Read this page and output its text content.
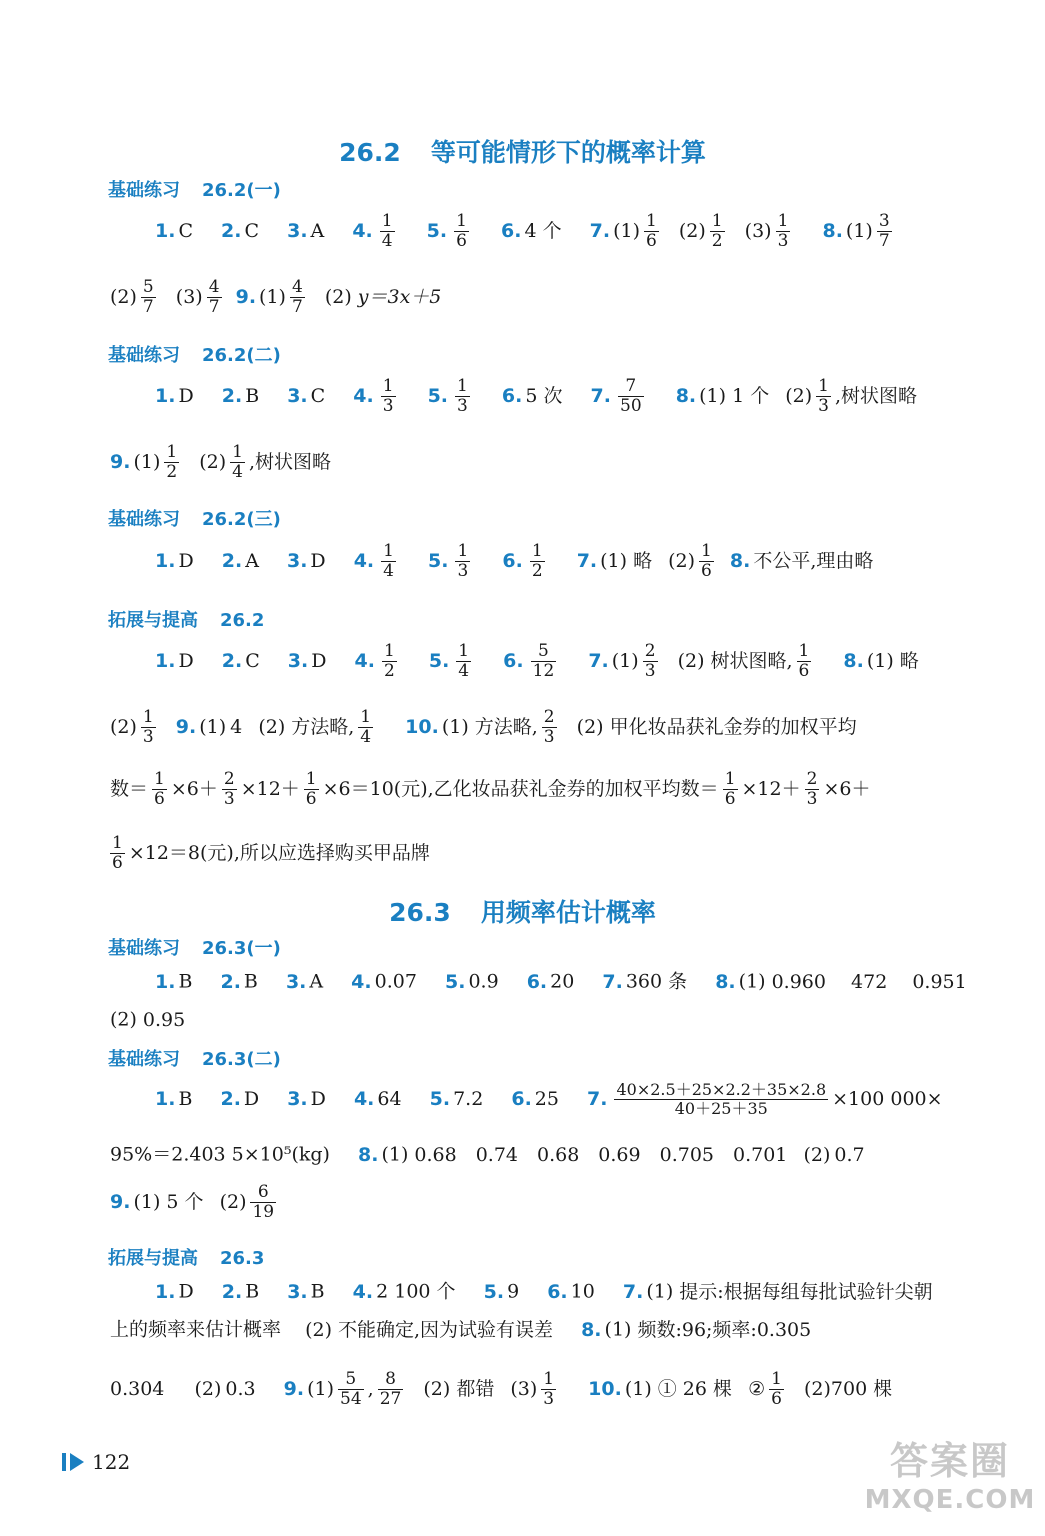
26.2 等可能情形下的概率计算
基础练习 26.2(一)
1. C 2. C 3. A 4. $\frac{1}{4} 5$. $\frac{1}{6} 6$. 4 个 7. $(1) \frac{1}{6} (2) \frac{1}{2} (3) \frac{1}{3} 8$. $(1) \frac{3}{7}$
$(2) \frac{5}{7} (3) \frac{4}{7} 9$. $(1) \frac{4}{7} (2)$ y＝3x＋5
基础练习 26.2(二)
1. D 2. B 3. C 4. $\frac{1}{3} 5$. $\frac{1}{3} 6$. 5 次 7. $\frac{7}{50} 8$. (1) 1 个 $(2) \frac{1}{3}$ ,树状图略
9. $(1) \frac{1}{2} (2) \frac{1}{4}$ ,树状图略
基础练习 26.2(三)
1. D 2. A 3. D 4. $\frac{1}{4} 5$. $\frac{1}{3} 6$. $\frac{1}{2} 7$. (1) 略 $(2) \frac{1}{6} 8$. 不公平,理由略
拓展与提高 26.2
1. D 2. C 3. D 4. $\frac{1}{2} 5$. $\frac{1}{4} 6$. $\frac{5}{12} 7$. $(1) \frac{2}{3} (2)$ 树状图略, $\frac{1}{6} 8$. (1) 略
$(2) \frac{1}{3} 9$. (1) 4 (2) 方法略, $\frac{1}{4} 10$. (1) 方法略, $\frac{2}{3} (2)$ 甲化妆品获礼金券的加权平均
数＝ $\frac{1}{6} \times 6+ \frac{2}{3} \times 12+ \frac{1}{6} \times 6=10$(元),乙化妆品获礼金券的加权平均数＝ $\frac{1}{6} \times 12+ \frac{2}{3} \times 6+$
$\frac{1}{6} \times 12=8$(元),所以应选择购买甲品牌
26.3 用频率估计概率
基础练习 26.3(一)
1. B 2. B 3. A 4. 0.07 5. 0.9 6. 20 7. 360 条 8. (1) 0.960　 472　 0.951
(2) 0.95
基础练习 26.3(二)
1. B 2. D 3. D 4. 64 5. 7.2 6. 25 7. $\frac{40\times 2.5+25\times 2.2+35\times 2.8}{40+25+35} \times 100$ 000×
95%＝2.403 5×10⁵(kg) 8. (1) 0.68　0.74　0.68　0.69　0.705　0.701 (2) 0.7
9. (1) 5 个 $(2) \frac{6}{19}$
拓展与提高 26.3
1. D 2. B 3. B 4. 2 100 个 5. 9 6. 10 7. (1) 提示:根据每组每批试验针尖朝
上的频率来估计概率 (2) 不能确定,因为试验有误差 8. (1) 频数:96;频率:0.305
0.304 (2) 0.3 9. $(1) \frac{5}{54}$ , $\frac{8}{27} (2)$ 都错 $(3) \frac{1}{3} 10$. (1) ① 26 棵 ② $\frac{1}{6} (2)700$ 棵
122	答案圈
MXQE.COM
